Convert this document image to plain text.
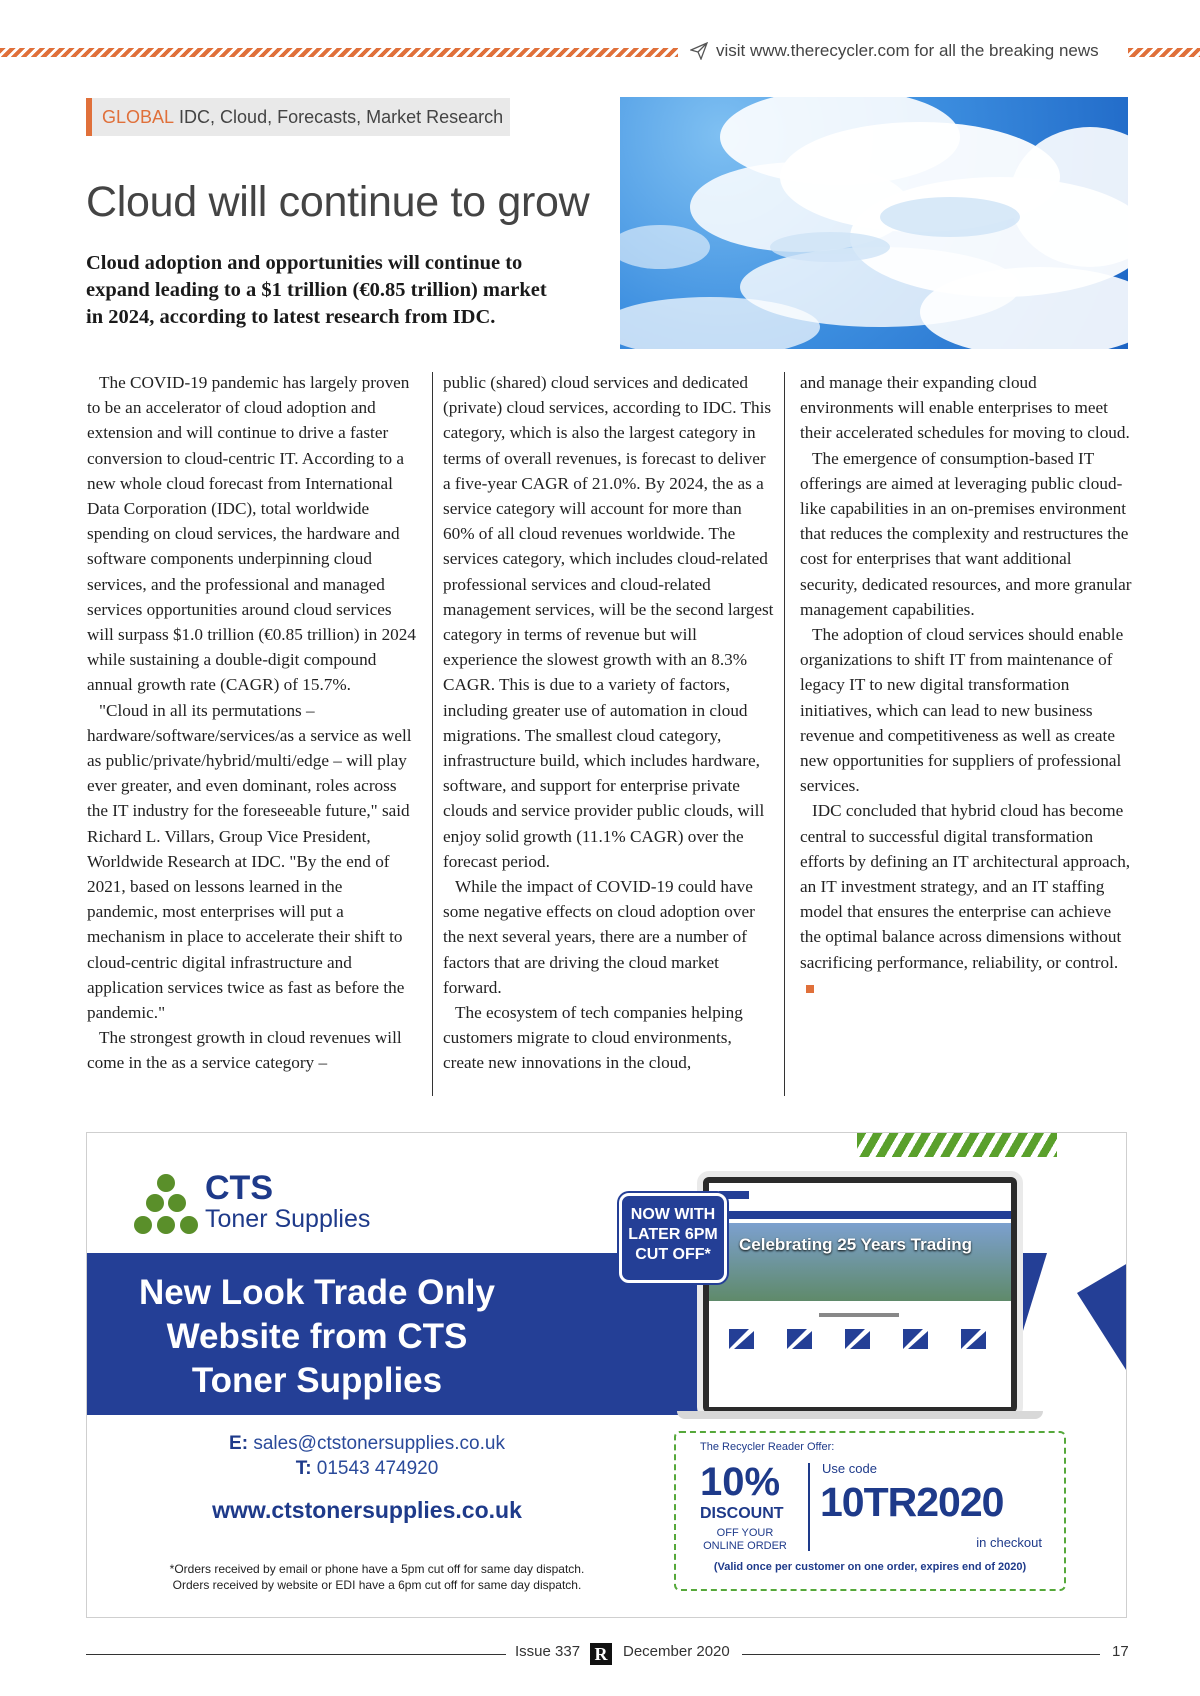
visit www.therecycler.com for all the breaking news
GLOBAL IDC, Cloud, Forecasts, Market Research
Cloud will continue to grow
Cloud adoption and opportunities will continue to expand leading to a $1 trillion (€0.85 trillion) market in 2024, according to latest research from IDC.

The COVID-19 pandemic has largely proven to be an accelerator of cloud adoption and extension and will continue to drive a faster conversion to cloud-centric IT. According to a new whole cloud forecast from International Data Corporation (IDC), total worldwide spending on cloud services, the hardware and software components underpinning cloud services, and the professional and managed services opportunities around cloud services will surpass $1.0 trillion (€0.85 trillion) in 2024 while sustaining a double-digit compound annual growth rate (CAGR) of 15.7%.

"Cloud in all its permutations – hardware/software/services/as a service as well as public/private/hybrid/multi/edge – will play ever greater, and even dominant, roles across the IT industry for the foreseeable future," said Richard L. Villars, Group Vice President, Worldwide Research at IDC. "By the end of 2021, based on lessons learned in the pandemic, most enterprises will put a mechanism in place to accelerate their shift to cloud-centric digital infrastructure and application services twice as fast as before the pandemic."

The strongest growth in cloud revenues will come in the as a service category –

public (shared) cloud services and dedicated (private) cloud services, according to IDC. This category, which is also the largest category in terms of overall revenues, is forecast to deliver a five-year CAGR of 21.0%. By 2024, the as a service category will account for more than 60% of all cloud revenues worldwide. The services category, which includes cloud-related professional services and cloud-related management services, will be the second largest category in terms of revenue but will experience the slowest growth with an 8.3% CAGR. This is due to a variety of factors, including greater use of automation in cloud migrations. The smallest cloud category, infrastructure build, which includes hardware, software, and support for enterprise private clouds and service provider public clouds, will enjoy solid growth (11.1% CAGR) over the forecast period.

While the impact of COVID-19 could have some negative effects on cloud adoption over the next several years, there are a number of factors that are driving the cloud market forward.

The ecosystem of tech companies helping customers migrate to cloud environments, create new innovations in the cloud,

and manage their expanding cloud environments will enable enterprises to meet their accelerated schedules for moving to cloud.

The emergence of consumption-based IT offerings are aimed at leveraging public cloud-like capabilities in an on-premises environment that reduces the complexity and restructures the cost for enterprises that want additional security, dedicated resources, and more granular management capabilities.

The adoption of cloud services should enable organizations to shift IT from maintenance of legacy IT to new digital transformation initiatives, which can lead to new business revenue and competitiveness as well as create new opportunities for suppliers of professional services.

IDC concluded that hybrid cloud has become central to successful digital transformation efforts by defining an IT architectural approach, an IT investment strategy, and an IT staffing model that ensures the enterprise can achieve the optimal balance across dimensions without sacrificing performance, reliability, or control.

CTS
Toner Supplies
New Look Trade Only
Website from CTS
Toner Supplies
Celebrating 25 Years Trading
NOW WITH
LATER 6PM
CUT OFF*
E: sales@ctstonersupplies.co.uk
T: 01543 474920
www.ctstonersupplies.co.uk
*Orders received by email or phone have a 5pm cut off for same day dispatch.
Orders received by website or EDI have a 6pm cut off for same day dispatch.
The Recycler Reader Offer:
10%
DISCOUNT
OFF YOUR
ONLINE ORDER
Use code
10TR2020
in checkout
(Valid once per customer on one order, expires end of 2020)
Issue 337 R	December 2020	17
